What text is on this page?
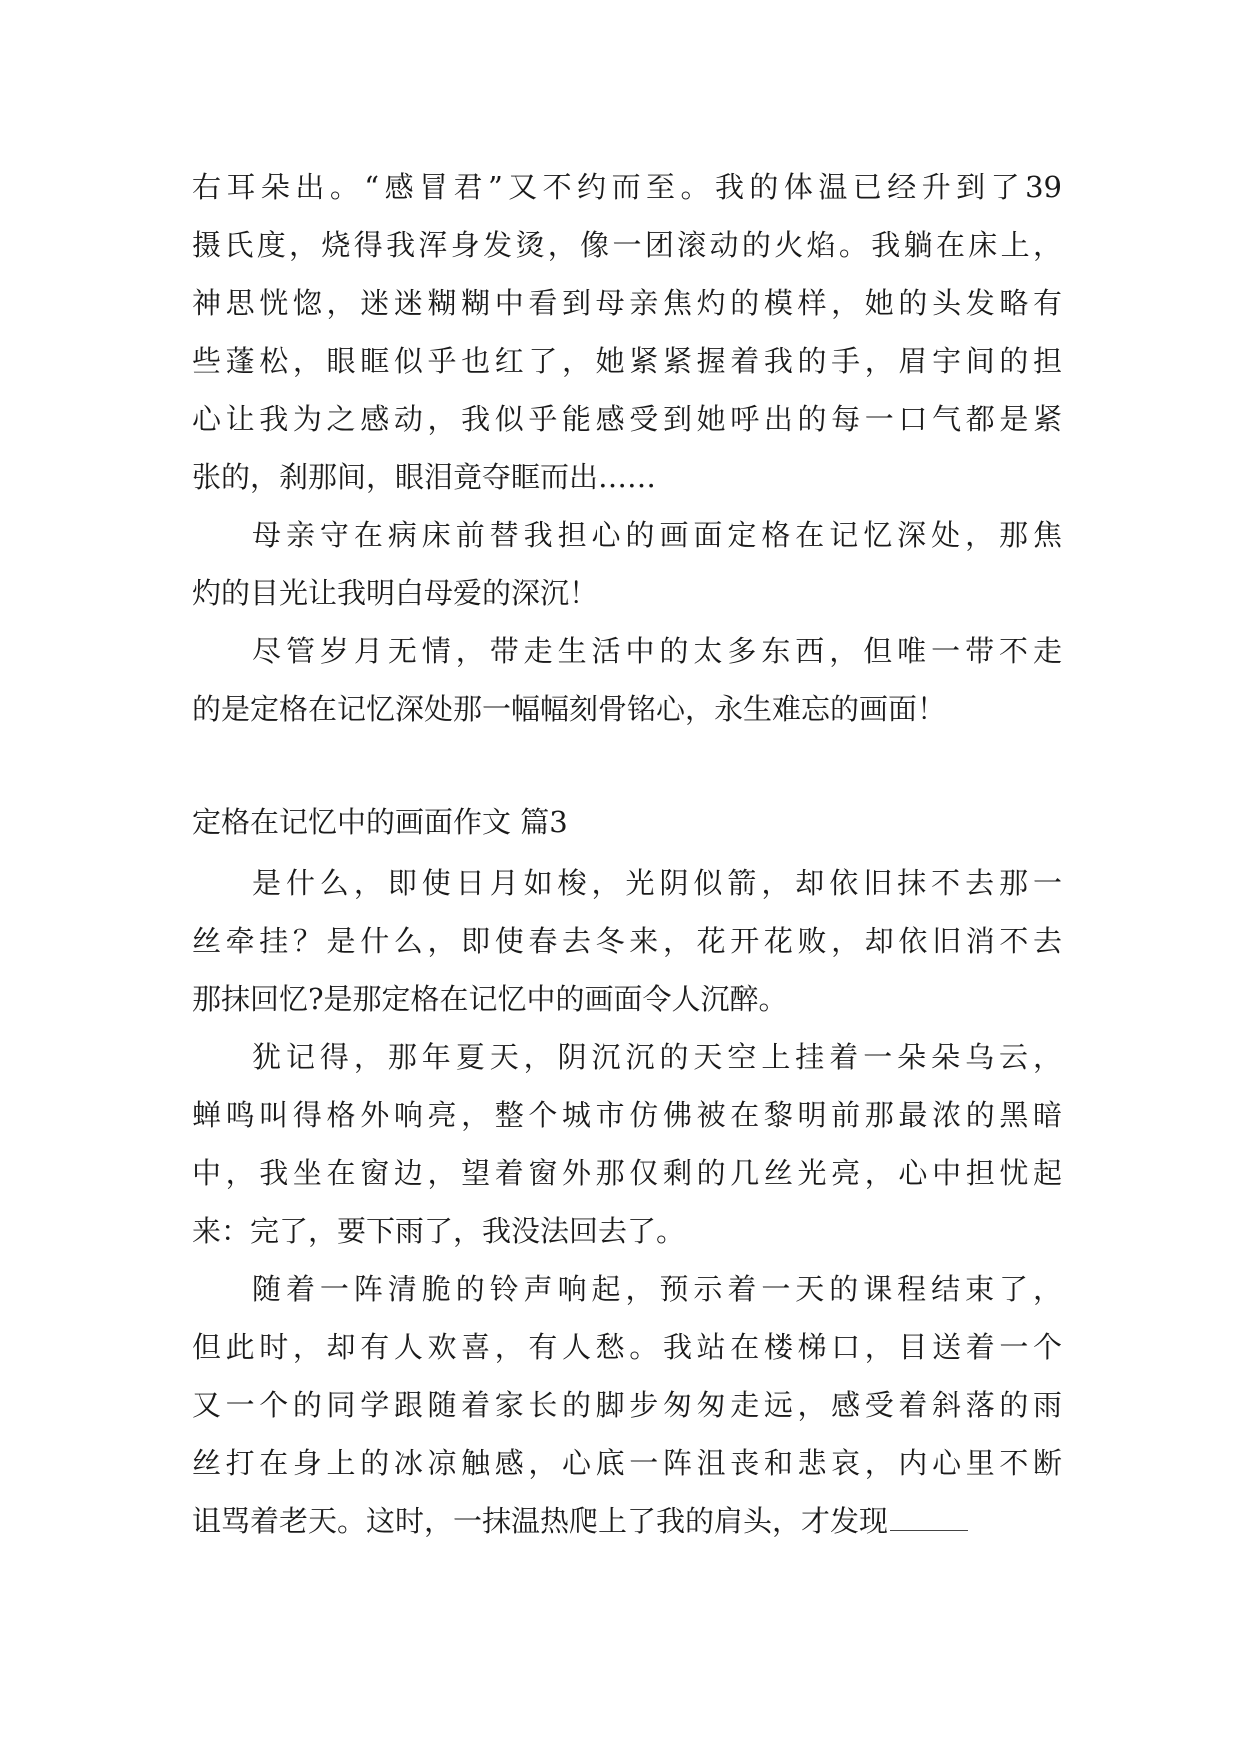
右耳朵出。“感冒君”又不约而至。我的体温已经升到了39
摄氏度，烧得我浑身发烫，像一团滚动的火焰。我躺在床上，
神思恍惚，迷迷糊糊中看到母亲焦灼的模样，她的头发略有
些蓬松，眼眶似乎也红了，她紧紧握着我的手，眉宇间的担
心让我为之感动，我似乎能感受到她呼出的每一口气都是紧
张的，刹那间，眼泪竟夺眶而出……
母亲守在病床前替我担心的画面定格在记忆深处，那焦
灼的目光让我明白母爱的深沉！
尽管岁月无情，带走生活中的太多东西，但唯一带不走
的是定格在记忆深处那一幅幅刻骨铭心，永生难忘的画面！
定格在记忆中的画面作文 篇3
是什么，即使日月如梭，光阴似箭，却依旧抹不去那一
丝牵挂？是什么，即使春去冬来，花开花败，却依旧消不去
那抹回忆?是那定格在记忆中的画面令人沉醉。
犹记得，那年夏天，阴沉沉的天空上挂着一朵朵乌云，
蝉鸣叫得格外响亮，整个城市仿佛被在黎明前那最浓的黑暗
中，我坐在窗边，望着窗外那仅剩的几丝光亮，心中担忧起
来：完了，要下雨了，我没法回去了。
随着一阵清脆的铃声响起，预示着一天的课程结束了，
但此时，却有人欢喜，有人愁。我站在楼梯口，目送着一个
又一个的同学跟随着家长的脚步匆匆走远，感受着斜落的雨
丝打在身上的冰凉触感，心底一阵沮丧和悲哀，内心里不断
诅骂着老天。这时，一抹温热爬上了我的肩头，才发现
